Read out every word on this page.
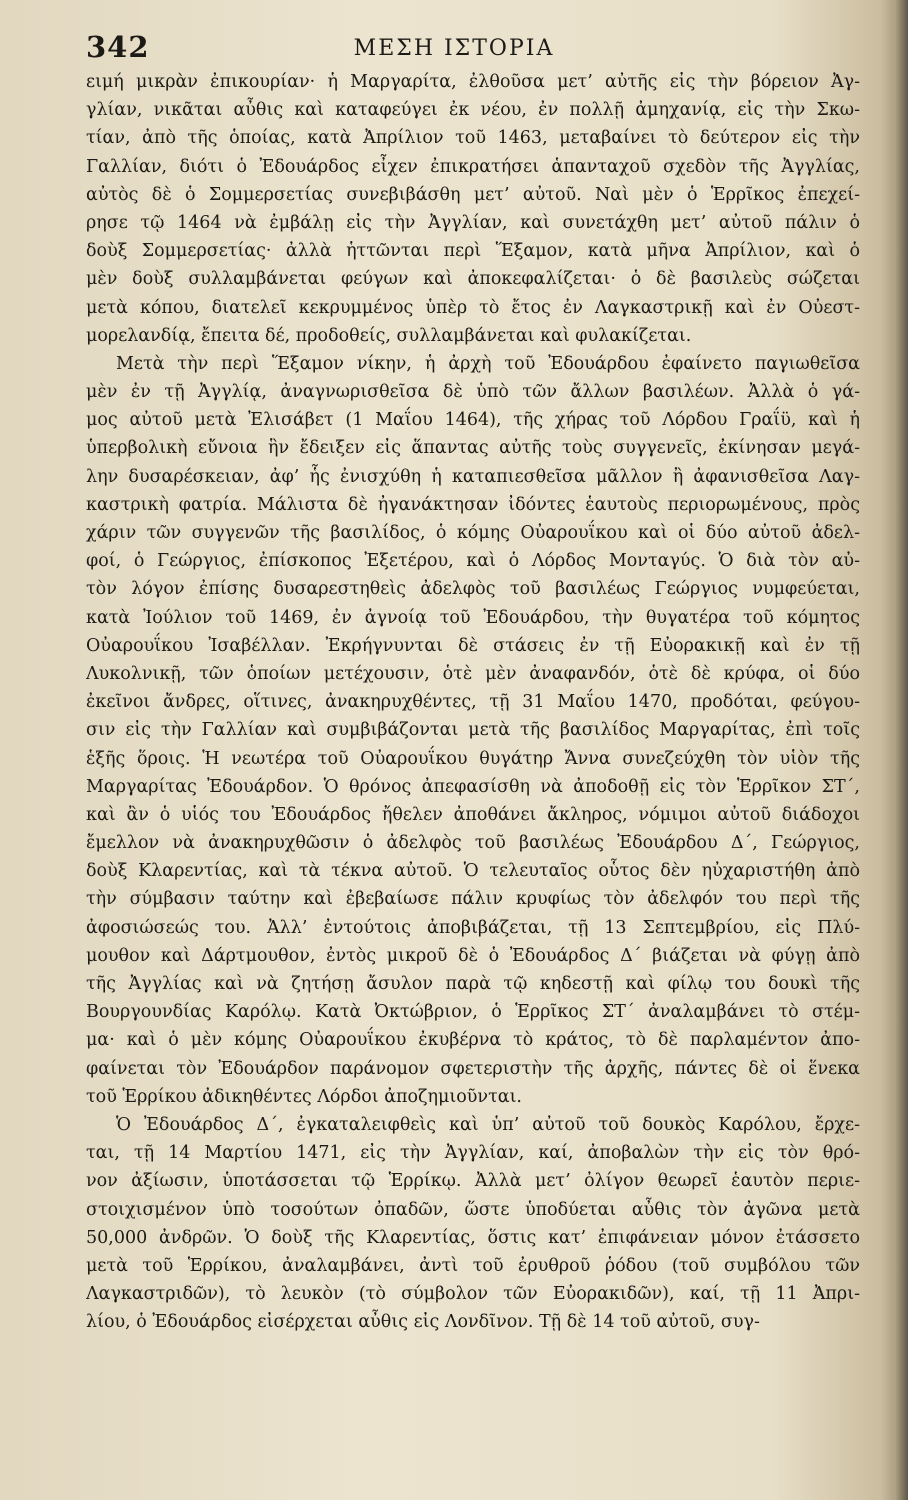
342	ΜΕΣΗ ΙΣΤΟΡΙΑ
ειμή μικρὰν ἐπικουρίαν· ἡ Μαργαρίτα, ἐλθοῦσα μετ’ αὐτῆς εἰς τὴν βόρειον Ἀγ-
γλίαν, νικᾶται αὖθις καὶ καταφεύγει ἐκ νέου, ἐν πολλῇ ἀμηχανίᾳ, εἰς τὴν Σκω-
τίαν, ἀπὸ τῆς ὁποίας, κατὰ Ἀπρίλιον τοῦ 1463, μεταβαίνει τὸ δεύτερον εἰς τὴν
Γαλλίαν, διότι ὁ Ἐδουάρδος εἶχεν ἐπικρατήσει ἁπανταχοῦ σχεδὸν τῆς Ἀγγλίας,
αὐτὸς δὲ ὁ Σομμερσετίας συνεβιβάσθη μετ’ αὐτοῦ. Ναὶ μὲν ὁ Ἑρρῖκος ἐπεχεί-
ρησε τῷ 1464 νὰ ἐμβάλῃ εἰς τὴν Ἀγγλίαν, καὶ συνετάχθη μετ’ αὐτοῦ πάλιν ὁ
δοὺξ Σομμερσετίας· ἀλλὰ ἡττῶνται περὶ Ἕξαμον, κατὰ μῆνα Ἀπρίλιον, καὶ ὁ
μὲν δοὺξ συλλαμβάνεται φεύγων καὶ ἀποκεφαλίζεται· ὁ δὲ βασιλεὺς σώζεται
μετὰ κόπου, διατελεῖ κεκρυμμένος ὑπὲρ τὸ ἔτος ἐν Λαγκαστρικῇ καὶ ἐν Οὐεστ-
μορελανδίᾳ, ἔπειτα δέ, προδοθείς, συλλαμβάνεται καὶ φυλακίζεται.
Μετὰ τὴν περὶ Ἕξαμον νίκην, ἡ ἀρχὴ τοῦ Ἐδουάρδου ἐφαίνετο παγιωθεῖσα
μὲν ἐν τῇ Ἀγγλίᾳ, ἀναγνωρισθεῖσα δὲ ὑπὸ τῶν ἄλλων βασιλέων. Ἀλλὰ ὁ γά-
μος αὐτοῦ μετὰ Ἐλισάβετ (1 Μαΐου 1464), τῆς χήρας τοῦ Λόρδου Γραΐϋ, καὶ ἡ
ὑπερβολικὴ εὔνοια ἣν ἔδειξεν εἰς ἅπαντας αὐτῆς τοὺς συγγενεῖς, ἐκίνησαν μεγά-
λην δυσαρέσκειαν, ἀφ’ ἧς ἐνισχύθη ἡ καταπιεσθεῖσα μᾶλλον ἢ ἀφανισθεῖσα Λαγ-
καστρικὴ φατρία. Μάλιστα δὲ ἠγανάκτησαν ἰδόντες ἑαυτοὺς περιορωμένους, πρὸς
χάριν τῶν συγγενῶν τῆς βασιλίδος, ὁ κόμης Οὐαρουΐκου καὶ οἱ δύο αὐτοῦ ἀδελ-
φοί, ὁ Γεώργιος, ἐπίσκοπος Ἐξετέρου, καὶ ὁ Λόρδος Μονταγύς. Ὁ διὰ τὸν αὐ-
τὸν λόγον ἐπίσης δυσαρεστηθεὶς ἀδελφὸς τοῦ βασιλέως Γεώργιος νυμφεύεται,
κατὰ Ἰούλιον τοῦ 1469, ἐν ἀγνοίᾳ τοῦ Ἐδουάρδου, τὴν θυγατέρα τοῦ κόμητος
Οὐαρουΐκου Ἰσαβέλλαν. Ἐκρήγνυνται δὲ στάσεις ἐν τῇ Εὐορακικῇ καὶ ἐν τῇ
Λυκολνικῇ, τῶν ὁποίων μετέχουσιν, ὁτὲ μὲν ἀναφανδόν, ὁτὲ δὲ κρύφα, οἱ δύο
ἐκεῖνοι ἄνδρες, οἵτινες, ἀνακηρυχθέντες, τῇ 31 Μαΐου 1470, προδόται, φεύγου-
σιν εἰς τὴν Γαλλίαν καὶ συμβιβάζονται μετὰ τῆς βασιλίδος Μαργαρίτας, ἐπὶ τοῖς
ἑξῆς ὅροις. Ἡ νεωτέρα τοῦ Οὐαρουΐκου θυγάτηρ Ἄννα συνεζεύχθη τὸν υἱὸν τῆς
Μαργαρίτας Ἐδουάρδον. Ὁ θρόνος ἀπεφασίσθη νὰ ἀποδοθῇ εἰς τὸν Ἑρρῖκον ΣΤ΄,
καὶ ἂν ὁ υἱός του Ἐδουάρδος ἤθελεν ἀποθάνει ἄκληρος, νόμιμοι αὐτοῦ διάδοχοι
ἔμελλον νὰ ἀνακηρυχθῶσιν ὁ ἀδελφὸς τοῦ βασιλέως Ἐδουάρδου Δ΄, Γεώργιος,
δοὺξ Κλαρεντίας, καὶ τὰ τέκνα αὐτοῦ. Ὁ τελευταῖος οὗτος δὲν ηὐχαριστήθη ἀπὸ
τὴν σύμβασιν ταύτην καὶ ἐβεβαίωσε πάλιν κρυφίως τὸν ἀδελφόν του περὶ τῆς
ἀφοσιώσεώς του. Ἀλλ’ ἐντούτοις ἀποβιβάζεται, τῇ 13 Σεπτεμβρίου, εἰς Πλύ-
μουθον καὶ Δάρτμουθον, ἐντὸς μικροῦ δὲ ὁ Ἐδουάρδος Δ΄ βιάζεται νὰ φύγῃ ἀπὸ
τῆς Ἀγγλίας καὶ νὰ ζητήσῃ ἄσυλον παρὰ τῷ κηδεστῇ καὶ φίλῳ του δουκὶ τῆς
Βουργουνδίας Καρόλῳ. Κατὰ Ὀκτώβριον, ὁ Ἑρρῖκος ΣΤ΄ ἀναλαμβάνει τὸ στέμ-
μα· καὶ ὁ μὲν κόμης Οὐαρουΐκου ἐκυβέρνα τὸ κράτος, τὸ δὲ παρλαμέντον ἀπο-
φαίνεται τὸν Ἐδουάρδον παράνομον σφετεριστὴν τῆς ἀρχῆς, πάντες δὲ οἱ ἕνεκα
τοῦ Ἑρρίκου ἀδικηθέντες Λόρδοι ἀποζημιοῦνται.
Ὁ Ἐδουάρδος Δ΄, ἐγκαταλειφθεὶς καὶ ὑπ’ αὐτοῦ τοῦ δουκὸς Καρόλου, ἔρχε-
ται, τῇ 14 Μαρτίου 1471, εἰς τὴν Ἀγγλίαν, καί, ἀποβαλὼν τὴν εἰς τὸν θρό-
νον ἀξίωσιν, ὑποτάσσεται τῷ Ἑρρίκῳ. Ἀλλὰ μετ’ ὀλίγον θεωρεῖ ἑαυτὸν περιε-
στοιχισμένον ὑπὸ τοσούτων ὀπαδῶν, ὥστε ὑποδύεται αὖθις τὸν ἀγῶνα μετὰ
50,000 ἀνδρῶν. Ὁ δοὺξ τῆς Κλαρεντίας, ὅστις κατ’ ἐπιφάνειαν μόνον ἐτάσσετο
μετὰ τοῦ Ἑρρίκου, ἀναλαμβάνει, ἀντὶ τοῦ ἐρυθροῦ ῥόδου (τοῦ συμβόλου τῶν
Λαγκαστριδῶν), τὸ λευκὸν (τὸ σύμβολον τῶν Εὐορακιδῶν), καί, τῇ 11 Ἀπρι-
λίου, ὁ Ἐδουάρδος εἰσέρχεται αὖθις εἰς Λονδῖνον. Τῇ δὲ 14 τοῦ αὐτοῦ, συγ-
